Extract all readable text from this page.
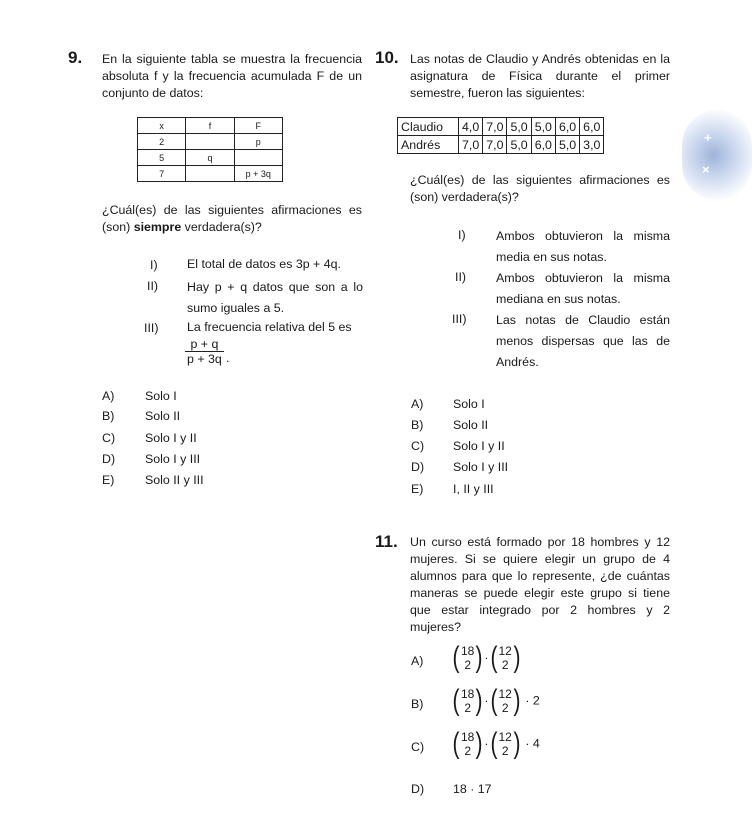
9. En la siguiente tabla se muestra la frecuencia absoluta f y la frecuencia acumulada F de un conjunto de datos:
x	f	F
2		p
5	q	
7		p + 3q
¿Cuál(es) de las siguientes afirmaciones es (son) siempre verdadera(s)?
I) El total de datos es 3p + 4q.
II) Hay p + q datos que son a lo sumo iguales a 5.
III) La frecuencia relativa del 5 es
$\frac{p + q}{p + 3q}$ .
A) Solo I
B) Solo II
C) Solo I y II
D) Solo I y III
E) Solo II y III
10. Las notas de Claudio y Andrés obtenidas en la asignatura de Física durante el primer semestre, fueron las siguientes:
Claudio	4,0	7,0	5,0	5,0	6,0	6,0
Andrés	7,0	7,0	5,0	6,0	5,0	3,0
¿Cuál(es) de las siguientes afirmaciones es (son) verdadera(s)?
I) Ambos obtuvieron la misma media en sus notas.
II) Ambos obtuvieron la misma mediana en sus notas.
III) Las notas de Claudio están menos dispersas que las de Andrés.
A) Solo I
B) Solo II
C) Solo I y II
D) Solo I y III
E) I, II y III
11. Un curso está formado por 18 hombres y 12 mujeres. Si se quiere elegir un grupo de 4 alumnos para que lo represente, ¿de cuántas maneras se puede elegir este grupo si tiene que estar integrado por 2 hombres y 2 mujeres?
A) ( 18
2 ) ·( 12
2 )
B) ( 18
2 ) ·( 12
2 ) · 2
C) ( 18
2 ) ·( 12
2 ) · 4
D) 18 · 17
+
×
